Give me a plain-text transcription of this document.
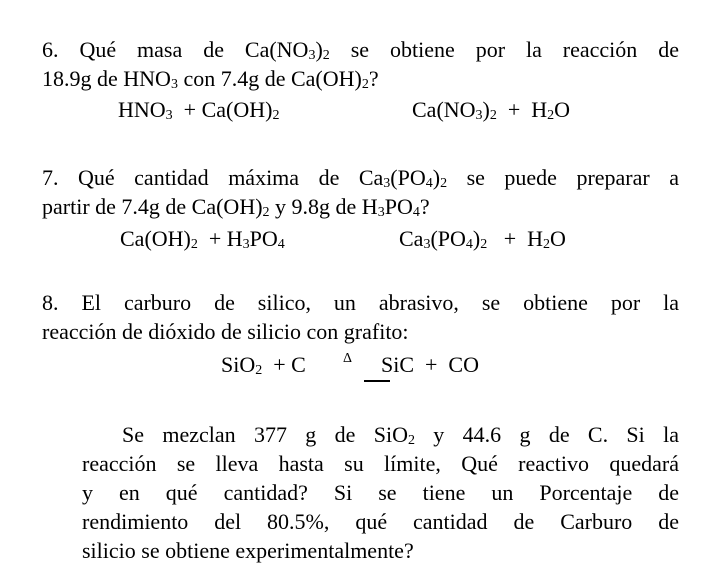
6. Qué masa de $Ca(NO_3)_2$ se obtiene por la reacción de
18.9g de $HNO_3$ con 7.4g de $Ca(OH)_2$?
$HNO_3 + Ca(OH)_2$	$Ca(NO_3)_2 + H_2O$
7. Qué cantidad máxima de $Ca_3(PO_4)_2$ se puede preparar a
partir de 7.4g de $Ca(OH)_2$ y 9.8g de $H_3PO_4$?
$Ca(OH)_2 + H_3PO_4$	$Ca_3(PO_4)_2 + H_2O$
8. El carburo de silico, un abrasivo, se obtiene por la
reacción de dióxido de silicio con grafito:
SiO$_2$  + C	Δ SiC  +  CO
Se mezclan 377 g de SiO$_2$ y 44.6 g de C. Si la
reacción se lleva hasta su límite, Qué reactivo quedará
y en qué cantidad? Si se tiene un Porcentaje de
rendimiento del 80.5%, qué cantidad de Carburo de
silicio se obtiene experimentalmente?
